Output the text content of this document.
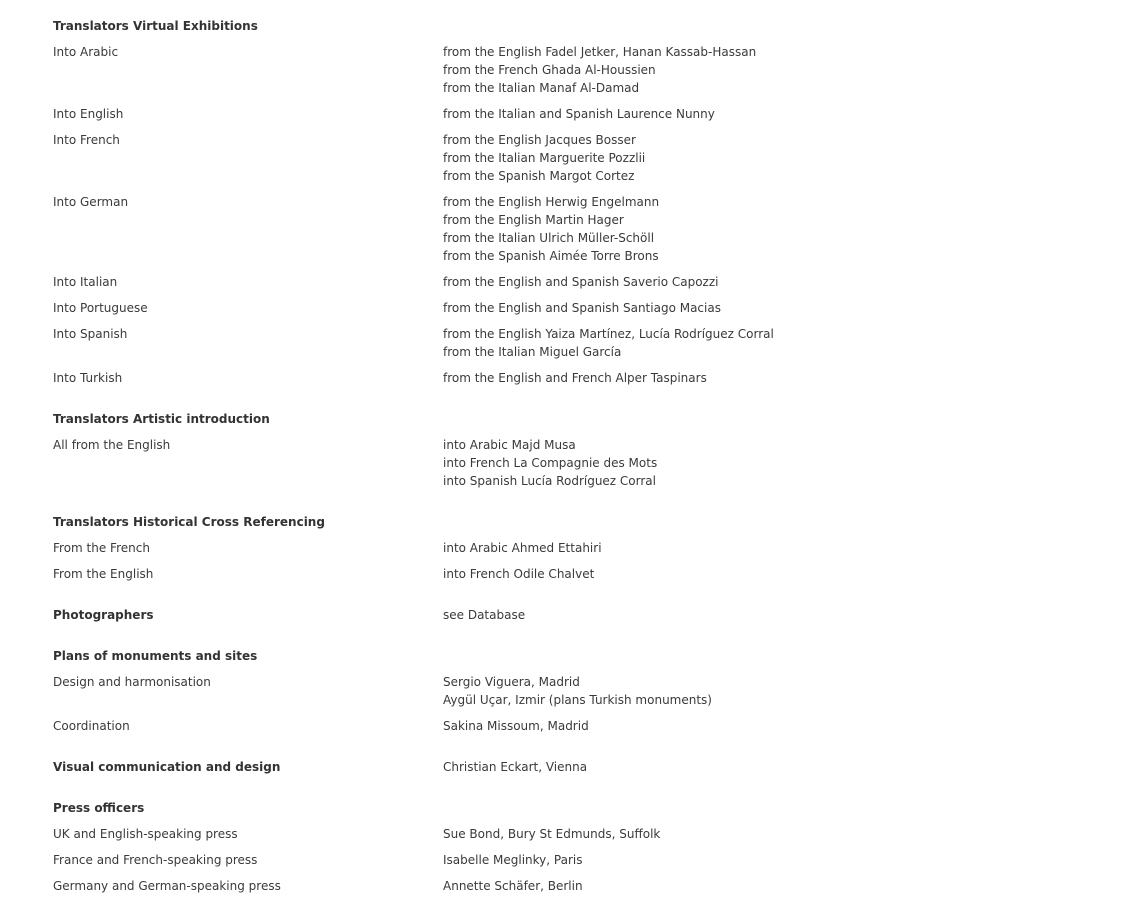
Translators Virtual Exhibitions
Into Arabic	from the English Fadel Jetker, Hanan Kassab-Hassan
from the French Ghada Al-Houssien
from the Italian Manaf Al-Damad
Into English	from the Italian and Spanish Laurence Nunny
Into French	from the English Jacques Bosser
from the Italian Marguerite Pozzlii
from the Spanish Margot Cortez
Into German	from the English Herwig Engelmann
from the English Martin Hager
from the Italian Ulrich Müller-Schöll
from the Spanish Aimée Torre Brons
Into Italian	from the English and Spanish Saverio Capozzi
Into Portuguese	from the English and Spanish Santiago Macias
Into Spanish	from the English Yaiza Martínez, Lucía Rodríguez Corral
from the Italian Miguel García
Into Turkish	from the English and French Alper Taspinars
Translators Artistic introduction
All from the English	into Arabic Majd Musa
into French La Compagnie des Mots
into Spanish Lucía Rodríguez Corral
Translators Historical Cross Referencing
From the French	into Arabic Ahmed Ettahiri
From the English	into French Odile Chalvet
Photographers	see Database
Plans of monuments and sites
Design and harmonisation	Sergio Viguera, Madrid
Aygül Uçar, Izmir (plans Turkish monuments)
Coordination	Sakina Missoum, Madrid
Visual communication and design	Christian Eckart, Vienna
Press officers
UK and English-speaking press	Sue Bond, Bury St Edmunds, Suffolk
France and French-speaking press	Isabelle Meglinky, Paris
Germany and German-speaking press	Annette Schäfer, Berlin
